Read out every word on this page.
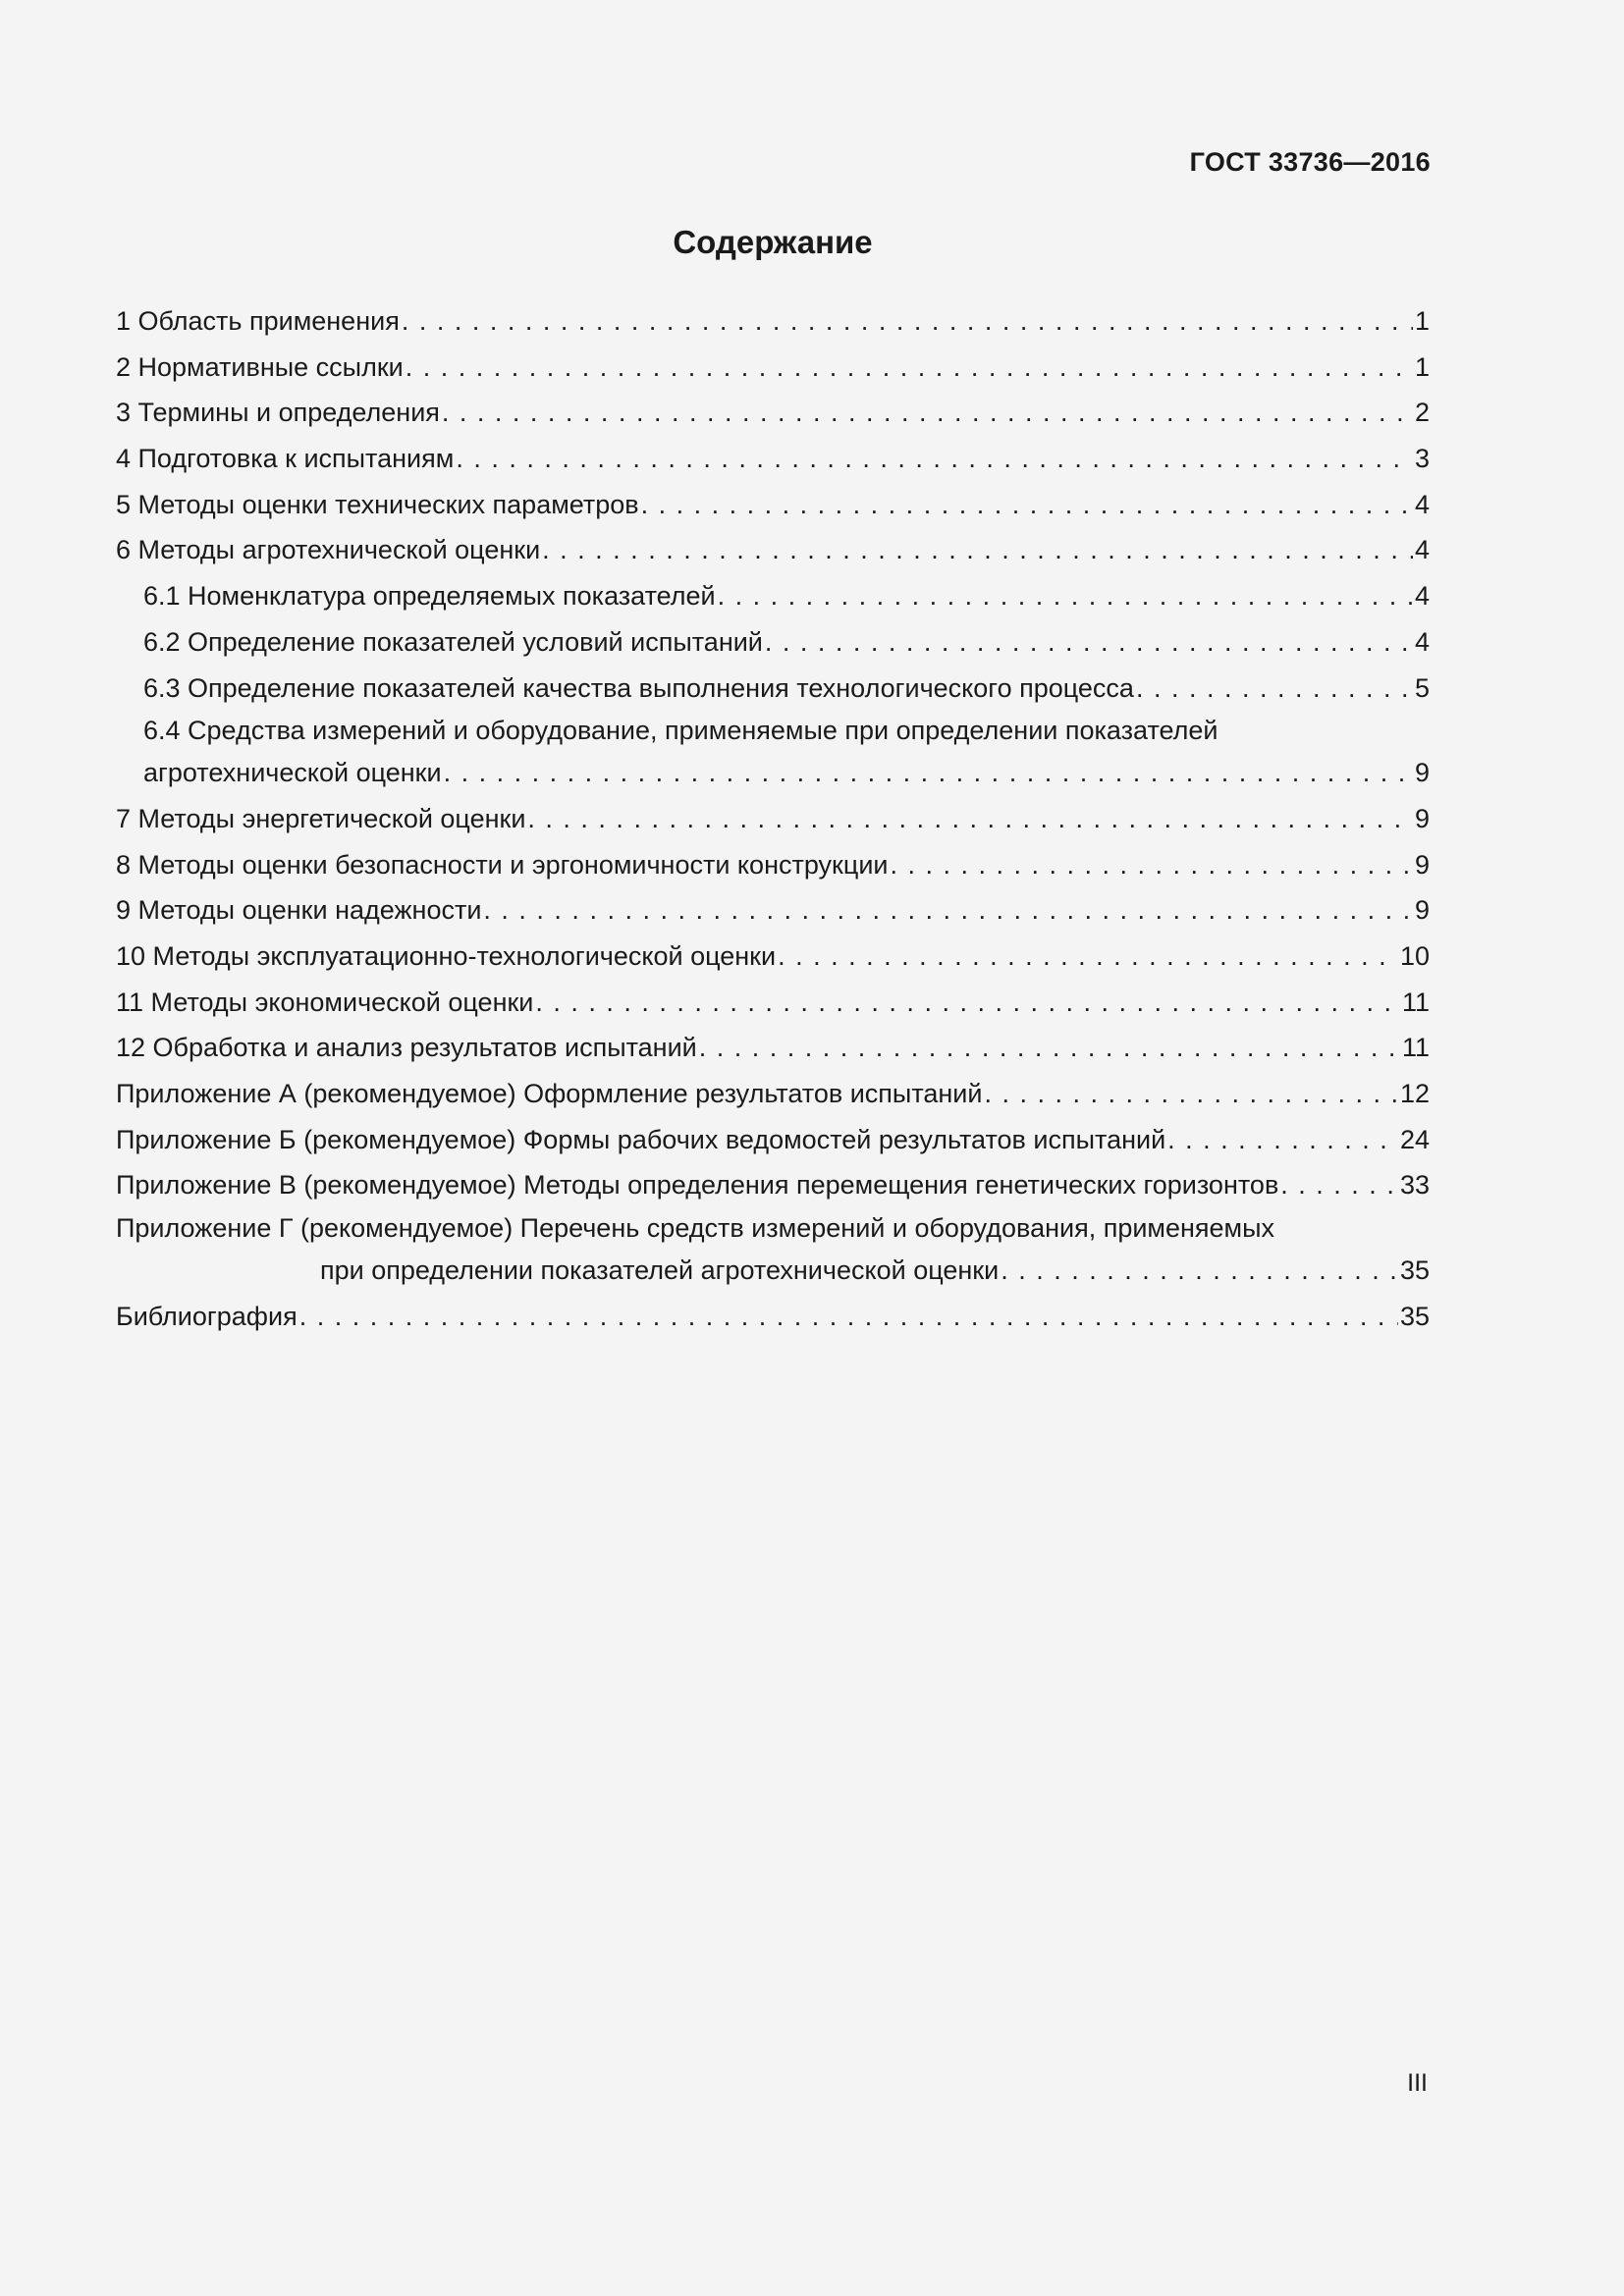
ГОСТ 33736—2016
Содержание
1 Область применения . . .	1
2 Нормативные ссылки . . .	1
3 Термины и определения . . .	2
4 Подготовка к испытаниям . . .	3
5 Методы оценки технических параметров . . .	4
6 Методы агротехнической оценки . . .	4
6.1 Номенклатура определяемых показателей . . .	4
6.2 Определение показателей условий испытаний . . .	4
6.3 Определение показателей качества выполнения технологического процесса . . .	5
6.4 Средства измерений и оборудование, применяемые при определении показателей
агротехнической оценки . . .	9
7 Методы энергетической оценки . . .	9
8 Методы оценки безопасности и эргономичности конструкции . . .	9
9 Методы оценки надежности . . .	9
10 Методы эксплуатационно-технологической оценки . . .	10
11 Методы экономической оценки . . .	11
12 Обработка и анализ результатов испытаний . . .	11
Приложение А (рекомендуемое) Оформление результатов испытаний . . .	12
Приложение Б (рекомендуемое) Формы рабочих ведомостей результатов испытаний . . .	24
Приложение В (рекомендуемое) Методы определения перемещения генетических горизонтов . . .	33
Приложение Г (рекомендуемое) Перечень средств измерений и оборудования, применяемых
при определении показателей агротехнической оценки . . .	35
Библиография . . .	35
III
